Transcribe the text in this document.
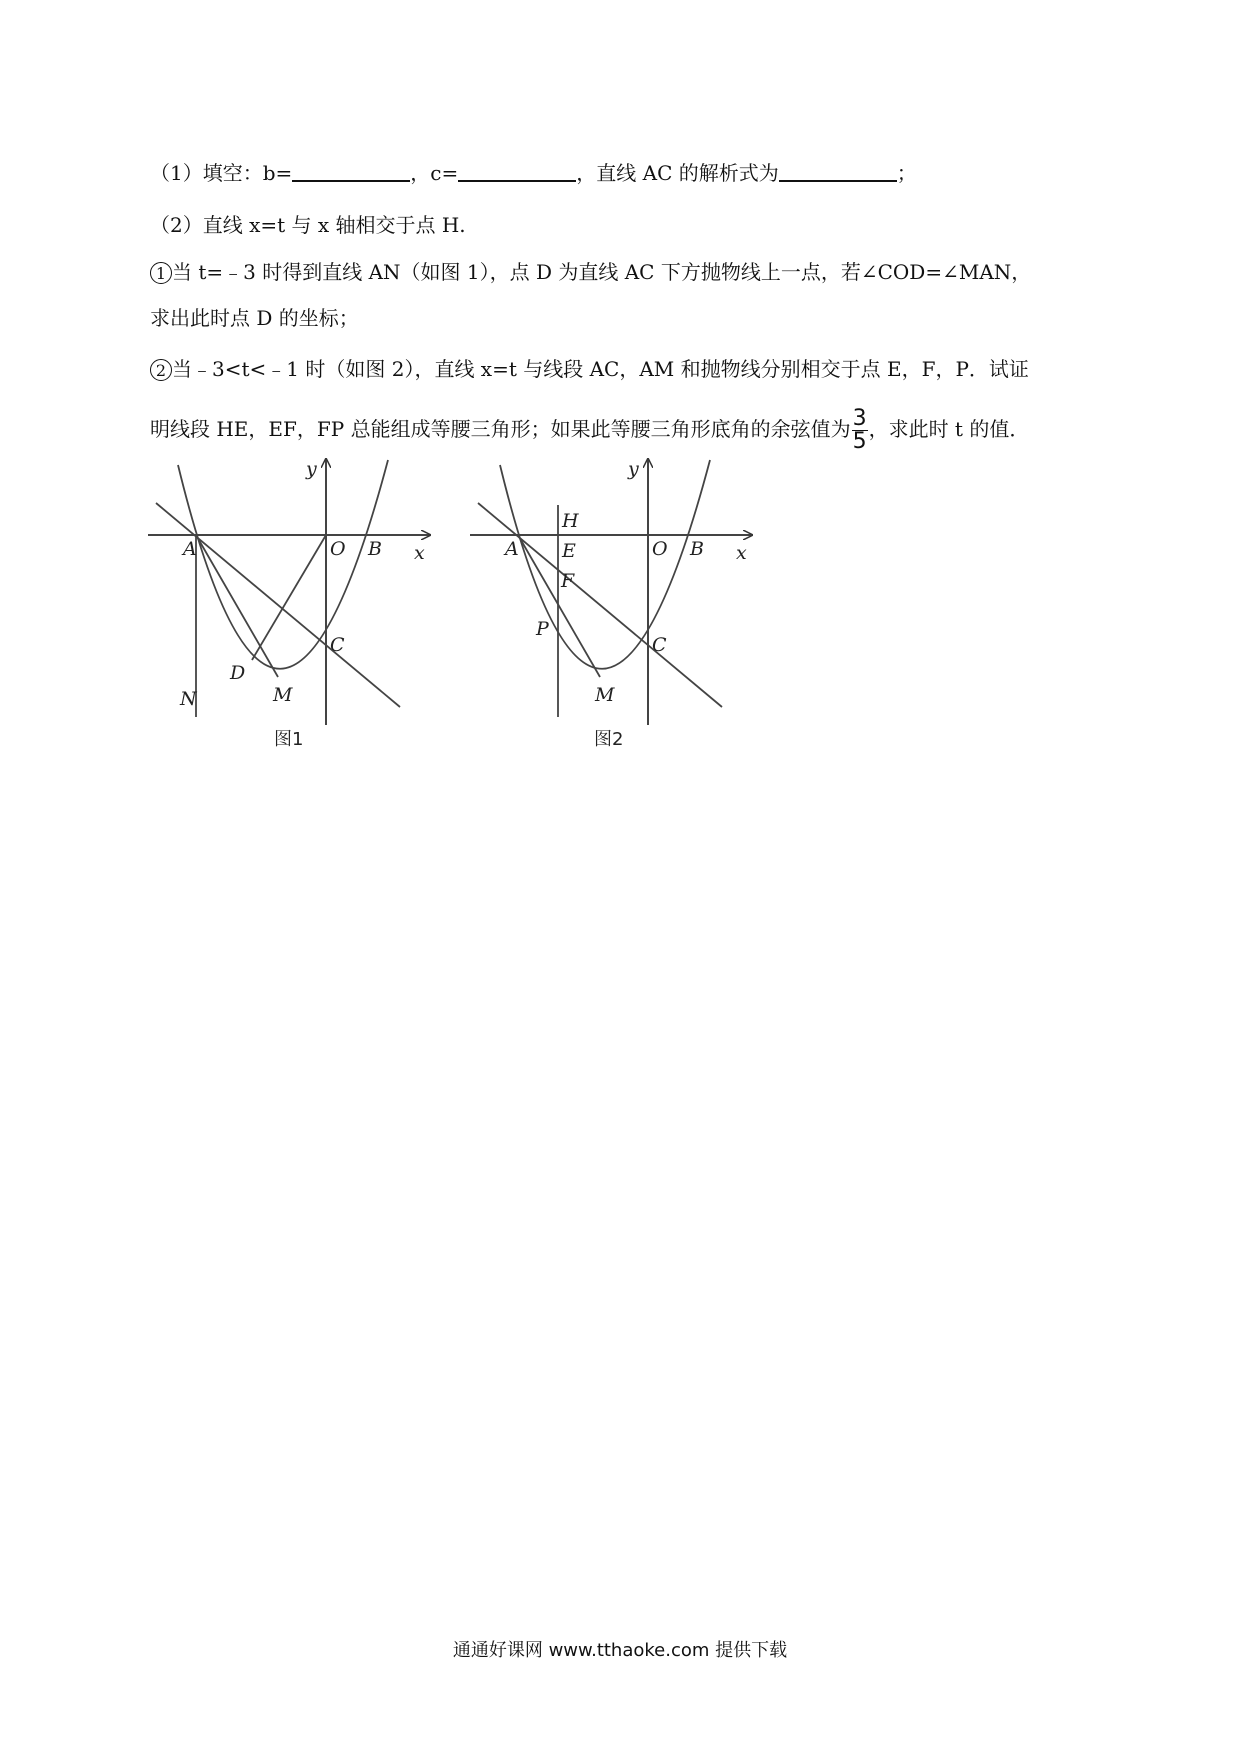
（1）填空：b=	，c=	，直线 AC 的解析式为	；
（2）直线 x=t 与 x 轴相交于点 H.
1 当 t=﹣3 时得到直线 AN（如图 1），点 D 为直线 AC 下方抛物线上一点，若∠COD=∠MAN，
求出此时点 D 的坐标；
2 当﹣3<t<﹣1 时（如图 2），直线 x=t 与线段 AC，AM 和抛物线分别相交于点 E，F，P．试证
明线段 HE，EF，FP 总能组成等腰三角形；如果此等腰三角形底角的余弦值为 $\frac{3}{5}$ ，求此时 t 的值．
y
x
A	O B
C
D
M
N
图1
y
x
A	O B
C
H
E
F
P
M
图2
通通好课网 www.tthaoke.com 提供下载
